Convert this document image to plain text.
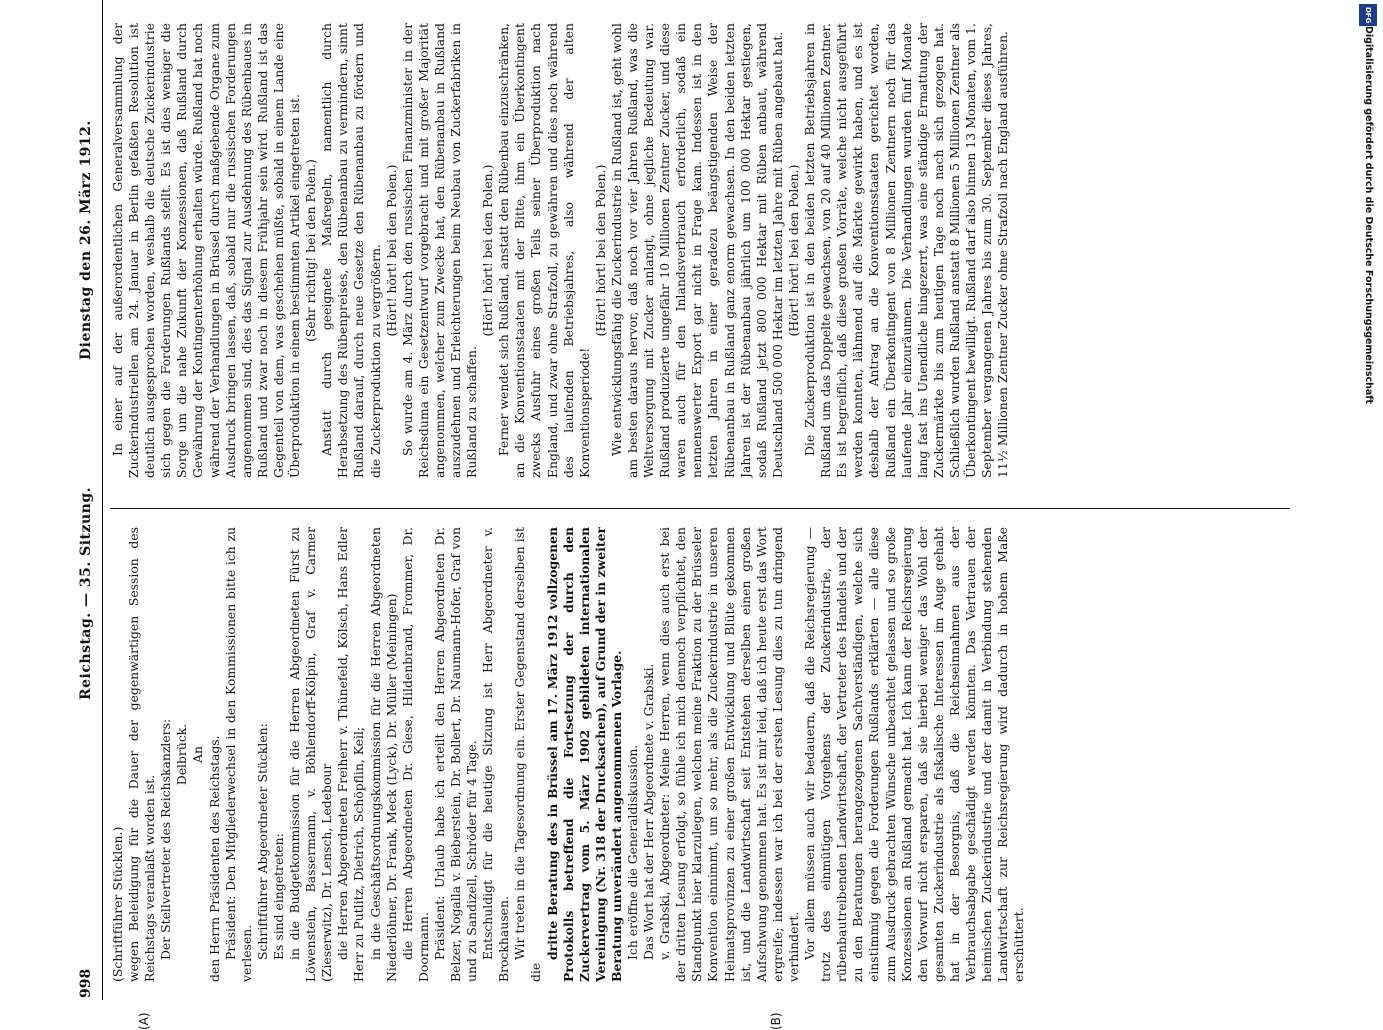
998
Reichstag. — 35. Sitzung.
Dienstag den 26. März 1912.
(A)	(B)

(Schriftführer Stücklen.) wegen Beleidigung für die Dauer der gegenwärtigen Session des Reichstags veranlaßt worden ist. Der Stellvertreter des Reichskanzlers: Delbrück. An den Herrn Präsidenten des Reichstags. Präsident: Den Mitgliederwechsel in den Kommissionen bitte ich zu verlesen. Schriftführer Abgeordneter Stücklen: Es sind eingetreten: in die Budgetkommission für die Herren Abgeordneten Fürst zu Löwenstein, Bassermann, v. Böhlendorff-Kölpin, Graf v. Carmer (Zieserwitz), Dr. Lensch, Ledebour die Herren Abgeordneten Freiherr v. Thünefeld, Kölsch, Hans Edler Herr zu Putlitz, Dietrich, Schöpflin, Keil; in die Geschäftsordnungskommission für die Herren Abgeordneten Niederlöhner, Dr. Frank, Meck (Lyck), Dr. Müller (Meiningen) die Herren Abgeordneten Dr. Giese, Hildenbrand, Frommer, Dr. Doormann. Präsident: Urlaub habe ich erteilt den Herren Abgeordneten Dr. Belzer, Nogalla v. Bieberstein, Dr. Bollert, Dr. Naumann-Hofer, Graf von und zu Sandizell, Schröder für 4 Tage. Entschuldigt für die heutige Sitzung ist Herr Abgeordneter v. Brockhausen. Wir treten in die Tagesordnung ein. Erster Gegenstand derselben ist die

dritte Beratung des in Brüssel am 17. März 1912 vollzogenen Protokolls betreffend die Fortsetzung der durch den Zuckervertrag vom 5. März 1902 gebildeten internationalen Vereinigung (Nr. 318 der Drucksachen), auf Grund der in zweiter Beratung unverändert angenommenen Vorlage. Ich eröffne die Generaldiskussion. Das Wort hat der Herr Abgeordnete v. Grabski. v. Grabski, Abgeordneter: Meine Herren, wenn dies auch erst bei der dritten Lesung erfolgt, so fühle ich mich dennoch verpflichtet, den Standpunkt hier klarzulegen, welchen meine Fraktion zu der Brüsseler Konvention einnimmt, um so mehr, als die Zuckerindustrie in unseren Heimatsprovinzen zu einer großen Entwicklung und Blüte gekommen ist, und die Landwirtschaft seit Entstehen derselben einen großen Aufschwung genommen hat. Es ist mir leid, daß ich heute erst das Wort ergreife; indessen war ich bei der ersten Lesung dies zu tun dringend verhindert. Vor allem müssen auch wir bedauern, daß die Reichsregierung — trotz des einmütigen Vorgehens der Zuckerindustrie, der rübenbautreibenden Landwirtschaft, der Vertreter des Handels und der zu den Beratungen herangezogenen Sachverständigen, welche sich einstimmig gegen die Forderungen Rußlands erklärten — alle diese zum Ausdruck gebrachten Wünsche unbeachtet gelassen und so große Konzessionen an Rußland gemacht hat. Ich kann der Reichsregierung den Vorwurf nicht ersparen, daß sie hierbei weniger das Wohl der gesamten Zuckerindustrie als fiskalische Interessen im Auge gehabt hat in der Besorgnis, daß die Reichseinnahmen aus der Verbrauchsabgabe geschädigt werden könnten. Das Vertrauen der heimischen Zuckerindustrie und der damit in Verbindung stehenden Landwirtschaft zur Reichsregierung wird dadurch in hohem Maße erschüttert.

In einer auf der außerordentlichen Generalversammlung der Zuckerindustriellen am 24. Januar in Berlin gefaßten Resolution ist deutlich ausgesprochen worden, weshalb die deutsche Zuckerindustrie sich gegen die Forderungen Rußlands stellt. Es ist dies weniger die Sorge um die nahe Zukunft der Konzessionen, daß Rußland durch Gewährung der Kontingenterhöhung erhalten würde. Rußland hat noch während der Verhandlungen in Brüssel durch maßgebende Organe zum Ausdruck bringen lassen, daß, sobald nur die russischen Forderungen angenommen sind, dies das Signal zur Ausdehnung des Rübenbaues in Rußland und zwar noch in diesem Frühjahr sein wird. Rußland ist das Gegenteil von dem, was geschehen müßte, sobald in einem Lande eine Überproduktion in einem bestimmten Artikel eingetreten ist. (Sehr richtig! bei den Polen.) Anstatt durch geeignete Maßregeln, namentlich durch Herabsetzung des Rübenpreises, den Rübenanbau zu vermindern, sinnt Rußland darauf, durch neue Gesetze den Rübenanbau zu fördern und die Zuckerproduktion zu vergrößern. (Hört! hört! bei den Polen.) So wurde am 4. März durch den russischen Finanzminister in der Reichsduma ein Gesetzentwurf vorgebracht und mit großer Majorität angenommen, welcher zum Zwecke hat, den Rübenanbau in Rußland auszudehnen und Erleichterungen beim Neubau von Zuckerfabriken in Rußland zu schaffen.

(Hört! hört! bei den Polen.) Ferner wendet sich Rußland, anstatt den Rübenbau einzuschränken, an die Konventionsstaaten mit der Bitte, ihm ein Überkontingent zwecks Ausfuhr eines großen Teils seiner Überproduktion nach England, und zwar ohne Strafzoll, zu gewähren und dies noch während des laufenden Betriebsjahres, also während der alten Konventionsperiode!

(Hört! hört! bei den Polen.) Wie entwicklungsfähig die Zuckerindustrie in Rußland ist, geht wohl am besten daraus hervor, daß noch vor vier Jahren Rußland, was die Weltversorgung mit Zucker anlangt, ohne jegliche Bedeutung war. Rußland produzierte ungefähr 10 Millionen Zentner Zucker, und diese waren auch für den Inlandsverbrauch erforderlich, sodaß ein nennenswerter Export gar nicht in Frage kam. Indessen ist in den letzten Jahren in einer geradezu beängstigenden Weise der Rübenanbau in Rußland ganz enorm gewachsen. In den beiden letzten Jahren ist der Rübenanbau jährlich um 100 000 Hektar gestiegen, sodaß Rußland jetzt 800 000 Hektar mit Rüben anbaut, während Deutschland 500 000 Hektar im letzten Jahre mit Rüben angebaut hat. (Hört! hört! bei den Polen.) Die Zuckerproduktion ist in den beiden letzten Betriebsjahren in Rußland um das Doppelte gewachsen, von 20 auf 40 Millionen Zentner. Es ist begreiflich, daß diese großen Vorräte, welche nicht ausgeführt werden konnten, lähmend auf die Märkte gewirkt haben, und es ist deshalb der Antrag an die Konventionsstaaten gerichtet worden, Rußland ein Überkontingent von 8 Millionen Zentnern noch für das laufende Jahr einzuräumen. Die Verhandlungen wurden fünf Monate lang fast ins Unendliche hingezerrt, was eine ständige Ermattung der Zuckermärkte bis zum heutigen Tage noch nach sich gezogen hat. Schließlich wurden Rußland anstatt 8 Millionen 5 Millionen Zentner als Überkontingent bewilligt. Rußland darf also binnen 13 Monaten, vom 1. September vergangenen Jahres bis zum 30. September dieses Jahres, 11½ Millionen Zentner Zucker ohne Strafzoll nach England ausführen.	Digitalisierung gefördert durch die Deutsche Forschungsgemeinschaft
DFG
